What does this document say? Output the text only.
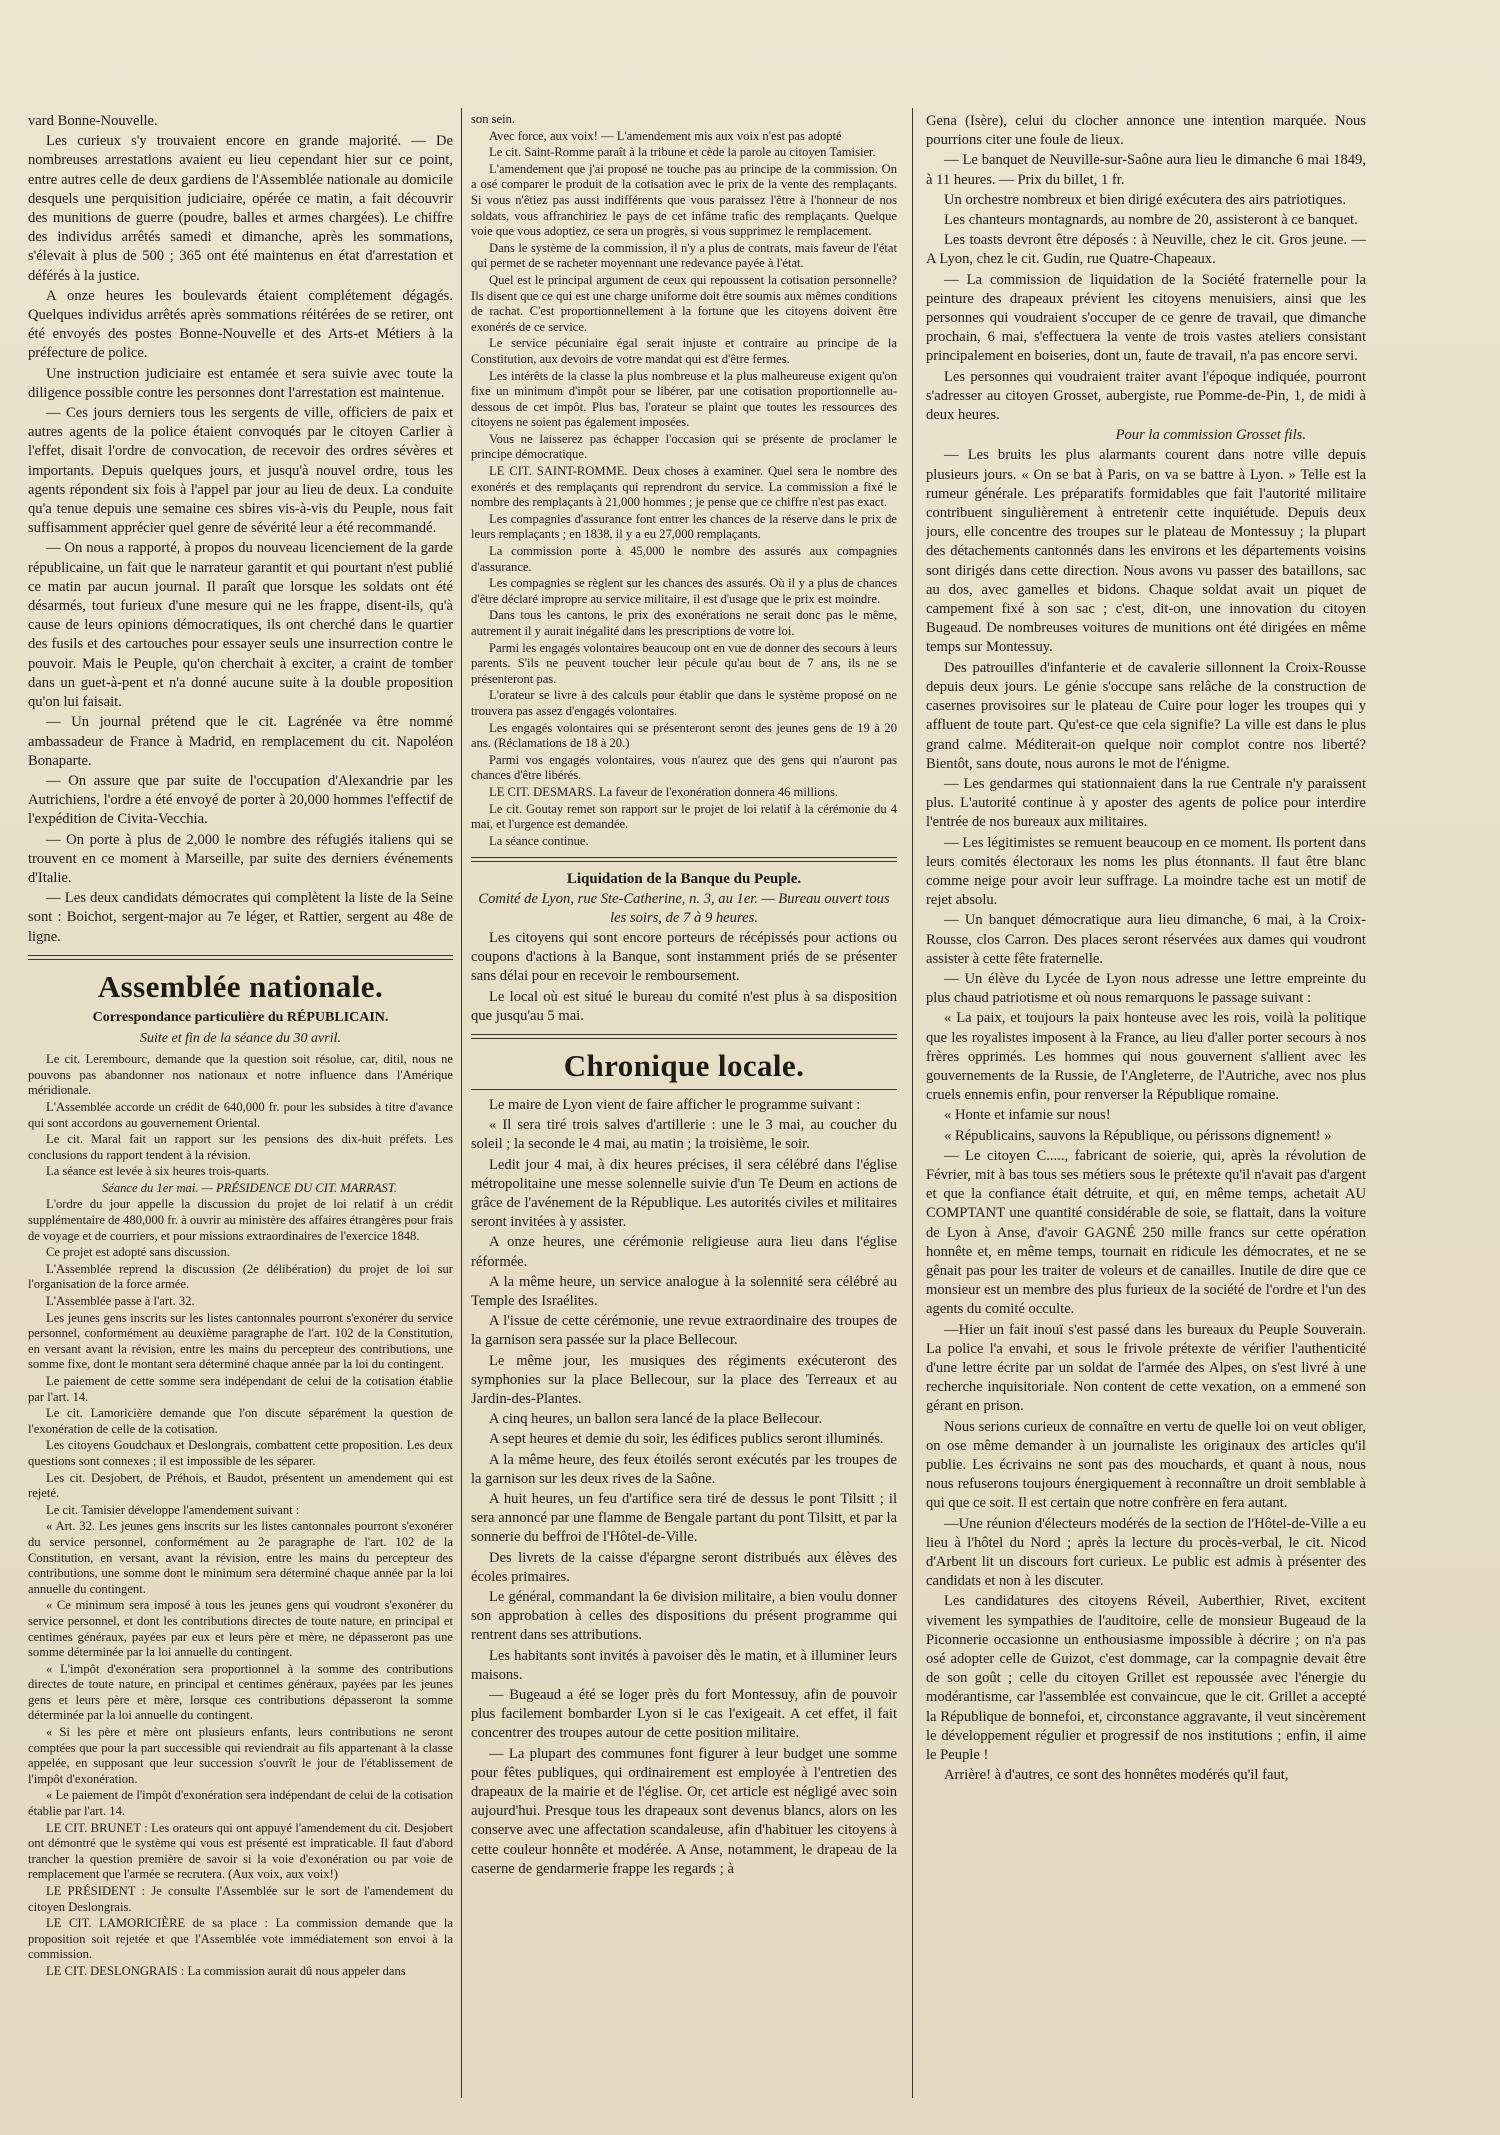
vard Bonne-Nouvelle.

Les curieux s'y trouvaient encore en grande majorité. — De nombreuses arrestations avaient eu lieu cependant hier sur ce point, entre autres celle de deux gardiens de l'Assemblée nationale au domicile desquels une perquisition judiciaire, opérée ce matin, a fait découvrir des munitions de guerre (poudre, balles et armes chargées). Le chiffre des individus arrêtés samedi et dimanche, après les sommations, s'élevait à plus de 500 ; 365 ont été maintenus en état d'arrestation et déférés à la justice.

A onze heures les boulevards étaient complétement dégagés. Quelques individus arrêtés après sommations réitérées de se retirer, ont été envoyés des postes Bonne-Nouvelle et des Arts-et Métiers à la préfecture de police.

Une instruction judiciaire est entamée et sera suivie avec toute la diligence possible contre les personnes dont l'arrestation est maintenue.

— Ces jours derniers tous les sergents de ville, officiers de paix et autres agents de la police étaient convoqués par le citoyen Carlier à l'effet, disait l'ordre de convocation, de recevoir des ordres sévères et importants. Depuis quelques jours, et jusqu'à nouvel ordre, tous les agents répondent six fois à l'appel par jour au lieu de deux. La conduite qu'a tenue depuis une semaine ces sbires vis-à-vis du Peuple, nous fait suffisamment apprécier quel genre de sévérité leur a été recommandé.

— On nous a rapporté, à propos du nouveau licenciement de la garde républicaine, un fait que le narrateur garantit et qui pourtant n'est publié ce matin par aucun journal. Il paraît que lorsque les soldats ont été désarmés, tout furieux d'une mesure qui ne les frappe, disent-ils, qu'à cause de leurs opinions démocratiques, ils ont cherché dans le quartier des fusils et des cartouches pour essayer seuls une insurrection contre le pouvoir. Mais le Peuple, qu'on cherchait à exciter, a craint de tomber dans un guet-à-pent et n'a donné aucune suite à la double proposition qu'on lui faisait.

— Un journal prétend que le cit. Lagrénée va être nommé ambassadeur de France à Madrid, en remplacement du cit. Napoléon Bonaparte.

— On assure que par suite de l'occupation d'Alexandrie par les Autrichiens, l'ordre a été envoyé de porter à 20,000 hommes l'effectif de l'expédition de Civita-Vecchia.

— On porte à plus de 2,000 le nombre des réfugiés italiens qui se trouvent en ce moment à Marseille, par suite des derniers événements d'Italie.

— Les deux candidats démocrates qui complètent la liste de la Seine sont : Boichot, sergent-major au 7e léger, et Rattier, sergent au 48e de ligne.

Assemblée nationale.
Correspondance particulière du RÉPUBLICAIN.
Suite et fin de la séance du 30 avril.

Le cit. Lerembourc, demande que la question soit résolue, car, ditil, nous ne pouvons pas abandonner nos nationaux et notre influence dans l'Amérique méridionale.

L'Assemblée accorde un crédit de 640,000 fr. pour les subsides à titre d'avance qui sont accordons au gouvernement Oriental.

Le cit. Maral fait un rapport sur les pensions des dix-huit préfets. Les conclusions du rapport tendent à la révision.

La séance est levée à six heures trois-quarts.

Séance du 1er mai. — PRÉSIDENCE DU CIT. MARRAST.

L'ordre du jour appelle la discussion du projet de loi relatif à un crédit supplémentaire de 480,000 fr. à ouvrir au ministère des affaires étrangères pour frais de voyage et de courriers, et pour missions extraordinaires de l'exercice 1848.

Ce projet est adopté sans discussion.

L'Assemblée reprend la discussion (2e délibération) du projet de loi sur l'organisation de la force armée.

L'Assemblée passe à l'art. 32.

Les jeunes gens inscrits sur les listes cantonnales pourront s'exonérer du service personnel, conformément au deuxième paragraphe de l'art. 102 de la Constitution, en versant avant la révision, entre les mains du percepteur des contributions, une somme fixe, dont le montant sera déterminé chaque année par la loi du contingent.

Le paiement de cette somme sera indépendant de celui de la cotisation établie par l'art. 14.

Le cit. Lamoricière demande que l'on discute séparément la question de l'exonération de celle de la cotisation.

Les citoyens Goudchaux et Deslongrais, combattent cette proposition. Les deux questions sont connexes ; il est impossible de les séparer.

Les cit. Desjobert, de Préhois, et Baudot, présentent un amendement qui est rejeté.

Le cit. Tamisier développe l'amendement suivant :

« Art. 32. Les jeunes gens inscrits sur les listes cantonnales pourront s'exonérer du service personnel, conformément au 2e paragraphe de l'art. 102 de la Constitution, en versant, avant la révision, entre les mains du percepteur des contributions, une somme dont le minimum sera déterminé chaque année par la loi annuelle du contingent.

« Ce minimum sera imposé à tous les jeunes gens qui voudront s'exonérer du service personnel, et dont les contributions directes de toute nature, en principal et centimes généraux, payées par eux et leurs père et mère, ne dépasseront pas une somme déterminée par la loi annuelle du contingent.

« L'impôt d'exonération sera proportionnel à la somme des contributions directes de toute nature, en principal et centimes généraux, payées par les jeunes gens et leurs père et mère, lorsque ces contributions dépasseront la somme déterminée par la loi annuelle du contingent.

« Si les père et mère ont plusieurs enfants, leurs contributions ne seront comptées que pour la part successible qui reviendrait au fils appartenant à la classe appelée, en supposant que leur succession s'ouvrît le jour de l'établissement de l'impôt d'exonération.

« Le paiement de l'impôt d'exonération sera indépendant de celui de la cotisation établie par l'art. 14.

LE CIT. BRUNET : Les orateurs qui ont appuyé l'amendement du cit. Desjobert ont démontré que le système qui vous est présenté est impraticable. Il faut d'abord trancher la question première de savoir si la voie d'exonération ou par voie de remplacement que l'armée se recrutera. (Aux voix, aux voix!)

LE PRÉSIDENT : Je consulte l'Assemblée sur le sort de l'amendement du citoyen Deslongrais.

LE CIT. LAMORICIÈRE de sa place : La commission demande que la proposition soit rejetée et que l'Assemblée vote immédiatement son envoi à la commission.

LE CIT. DESLONGRAIS : La commission aurait dû nous appeler dans

son sein.

Avec force, aux voix! — L'amendement mis aux voix n'est pas adopté

Le cit. Saint-Romme paraît à la tribune et cède la parole au citoyen Tamisier.

L'amendement que j'ai proposé ne touche pas au principe de la commission. On a osé comparer le produit de la cotisation avec le prix de la vente des remplaçants. Si vous n'êtiez pas aussi indifférents que vous paraissez l'être à l'honneur de nos soldats, vous affranchiriez le pays de cet infâme trafic des remplaçants. Quelque voie que vous adoptiez, ce sera un progrès, si vous supprimez le remplacement.

Dans le système de la commission, il n'y a plus de contrats, mais faveur de l'état qui permet de se racheter moyennant une redevance payée à l'état.

Quel est le principal argument de ceux qui repoussent la cotisation personnelle? Ils disent que ce qui est une charge uniforme doit être soumis aux mêmes conditions de rachat. C'est proportionnellement à la fortune que les citoyens doivent être exonérés de ce service.

Le service pécuniaire égal serait injuste et contraire au principe de la Constitution, aux devoirs de votre mandat qui est d'être fermes.

Les intérêts de la classe la plus nombreuse et la plus malheureuse exigent qu'on fixe un minimum d'impôt pour se libérer, par une cotisation proportionnelle au-dessous de cet impôt. Plus bas, l'orateur se plaint que toutes les ressources des citoyens ne soient pas également imposées.

Vous ne laisserez pas échapper l'occasion qui se présente de proclamer le principe démocratique.

LE CIT. SAINT-ROMME. Deux choses à examiner. Quel sera le nombre des exonérés et des remplaçants qui reprendront du service. La commission a fixé le nombre des remplaçants à 21,000 hommes ; je pense que ce chiffre n'est pas exact.

Les compagnies d'assurance font entrer les chances de la réserve dans le prix de leurs remplaçants ; en 1838, il y a eu 27,000 remplaçants.

La commission porte à 45,000 le nombre des assurés aux compagnies d'assurance.

Les compagnies se règlent sur les chances des assurés. Où il y a plus de chances d'être déclaré impropre au service militaire, il est d'usage que le prix est moindre.

Dans tous les cantons, le prix des exonérations ne serait donc pas le même, autrement il y aurait inégalité dans les prescriptions de votre loi.

Parmi les engagés volontaires beaucoup ont en vue de donner des secours à leurs parents. S'ils ne peuvent toucher leur pécule qu'au bout de 7 ans, ils ne se présenteront pas.

L'orateur se livre à des calculs pour établir que dans le système proposé on ne trouvera pas assez d'engagés volontaires.

Les engagés volontaires qui se présenteront seront des jeunes gens de 19 à 20 ans. (Réclamations de 18 à 20.)

Parmi vos engagés volontaires, vous n'aurez que des gens qui n'auront pas chances d'être libérés.

LE CIT. DESMARS. La faveur de l'exonération donnera 46 millions.

Le cit. Goutay remet son rapport sur le projet de loi relatif à la cérémonie du 4 mai, et l'urgence est demandée.

La séance continue.

Liquidation de la Banque du Peuple.

Comité de Lyon, rue Ste-Catherine, n. 3, au 1er. — Bureau ouvert tous les soirs, de 7 à 9 heures.

Les citoyens qui sont encore porteurs de récépissés pour actions ou coupons d'actions à la Banque, sont instamment priés de se présenter sans délai pour en recevoir le remboursement.

Le local où est situé le bureau du comité n'est plus à sa disposition que jusqu'au 5 mai.

Chronique locale.

Le maire de Lyon vient de faire afficher le programme suivant :

« Il sera tiré trois salves d'artillerie : une le 3 mai, au coucher du soleil ; la seconde le 4 mai, au matin ; la troisième, le soir.

Ledit jour 4 mai, à dix heures précises, il sera célébré dans l'église métropolitaine une messe solennelle suivie d'un Te Deum en actions de grâce de l'avénement de la République. Les autorités civiles et militaires seront invitées à y assister.

A onze heures, une cérémonie religieuse aura lieu dans l'église réformée.

A la même heure, un service analogue à la solennité sera célébré au Temple des Israélites.

A l'issue de cette cérémonie, une revue extraordinaire des troupes de la garnison sera passée sur la place Bellecour.

Le même jour, les musiques des régiments exécuteront des symphonies sur la place Bellecour, sur la place des Terreaux et au Jardin-des-Plantes.

A cinq heures, un ballon sera lancé de la place Bellecour.

A sept heures et demie du soir, les édifices publics seront illuminés.

A la même heure, des feux étoilés seront exécutés par les troupes de la garnison sur les deux rives de la Saône.

A huit heures, un feu d'artifice sera tiré de dessus le pont Tilsitt ; il sera annoncé par une flamme de Bengale partant du pont Tilsitt, et par la sonnerie du beffroi de l'Hôtel-de-Ville.

Des livrets de la caisse d'épargne seront distribués aux élèves des écoles primaires.

Le général, commandant la 6e division militaire, a bien voulu donner son approbation à celles des dispositions du présent programme qui rentrent dans ses attributions.

Les habitants sont invités à pavoiser dès le matin, et à illuminer leurs maisons.

— Bugeaud a été se loger près du fort Montessuy, afin de pouvoir plus facilement bombarder Lyon si le cas l'exigeait. A cet effet, il fait concentrer des troupes autour de cette position militaire.

— La plupart des communes font figurer à leur budget une somme pour fêtes publiques, qui ordinairement est employée à l'entretien des drapeaux de la mairie et de l'église. Or, cet article est négligé avec soin aujourd'hui. Presque tous les drapeaux sont devenus blancs, alors on les conserve avec une affectation scandaleuse, afin d'habituer les citoyens à cette couleur honnête et modérée. A Anse, notamment, le drapeau de la caserne de gendarmerie frappe les regards ; à

Gena (Isère), celui du clocher annonce une intention marquée. Nous pourrions citer une foule de lieux.

— Le banquet de Neuville-sur-Saône aura lieu le dimanche 6 mai 1849, à 11 heures. — Prix du billet, 1 fr.

Un orchestre nombreux et bien dirigé exécutera des airs patriotiques.

Les chanteurs montagnards, au nombre de 20, assisteront à ce banquet.

Les toasts devront être déposés : à Neuville, chez le cit. Gros jeune. — A Lyon, chez le cit. Gudin, rue Quatre-Chapeaux.

— La commission de liquidation de la Société fraternelle pour la peinture des drapeaux prévient les citoyens menuisiers, ainsi que les personnes qui voudraient s'occuper de ce genre de travail, que dimanche prochain, 6 mai, s'effectuera la vente de trois vastes ateliers consistant principalement en boiseries, dont un, faute de travail, n'a pas encore servi.

Les personnes qui voudraient traiter avant l'époque indiquée, pourront s'adresser au citoyen Grosset, aubergiste, rue Pomme-de-Pin, 1, de midi à deux heures.

Pour la commission Grosset fils.

— Les bruits les plus alarmants courent dans notre ville depuis plusieurs jours. « On se bat à Paris, on va se battre à Lyon. » Telle est la rumeur générale. Les préparatifs formidables que fait l'autorité militaire contribuent singulièrement à entretenir cette inquiétude. Depuis deux jours, elle concentre des troupes sur le plateau de Montessuy ; la plupart des détachements cantonnés dans les environs et les départements voisins sont dirigés dans cette direction. Nous avons vu passer des bataillons, sac au dos, avec gamelles et bidons. Chaque soldat avait un piquet de campement fixé à son sac ; c'est, dit-on, une innovation du citoyen Bugeaud. De nombreuses voitures de munitions ont été dirigées en même temps sur Montessuy.

Des patrouilles d'infanterie et de cavalerie sillonnent la Croix-Rousse depuis deux jours. Le génie s'occupe sans relâche de la construction de casernes provisoires sur le plateau de Cuire pour loger les troupes qui y affluent de toute part. Qu'est-ce que cela signifie? La ville est dans le plus grand calme. Méditerait-on quelque noir complot contre nos liberté? Bientôt, sans doute, nous aurons le mot de l'énigme.

— Les gendarmes qui stationnaient dans la rue Centrale n'y paraissent plus. L'autorité continue à y aposter des agents de police pour interdire l'entrée de nos bureaux aux militaires.

— Les légitimistes se remuent beaucoup en ce moment. Ils portent dans leurs comités électoraux les noms les plus étonnants. Il faut être blanc comme neige pour avoir leur suffrage. La moindre tache est un motif de rejet absolu.

— Un banquet démocratique aura lieu dimanche, 6 mai, à la Croix-Rousse, clos Carron. Des places seront réservées aux dames qui voudront assister à cette fête fraternelle.

— Un élève du Lycée de Lyon nous adresse une lettre empreinte du plus chaud patriotisme et où nous remarquons le passage suivant :

« La paix, et toujours la paix honteuse avec les rois, voilà la politique que les royalistes imposent à la France, au lieu d'aller porter secours à nos frères opprimés. Les hommes qui nous gouvernent s'allient avec les gouvernements de la Russie, de l'Angleterre, de l'Autriche, avec nos plus cruels ennemis enfin, pour renverser la République romaine.

« Honte et infamie sur nous!

« Républicains, sauvons la République, ou périssons dignement! »

— Le citoyen C....., fabricant de soierie, qui, après la révolution de Février, mit à bas tous ses métiers sous le prétexte qu'il n'avait pas d'argent et que la confiance était détruite, et qui, en même temps, achetait AU COMPTANT une quantité considérable de soie, se flattait, dans la voiture de Lyon à Anse, d'avoir GAGNÉ 250 mille francs sur cette opération honnête et, en même temps, tournait en ridicule les démocrates, et ne se gênait pas pour les traiter de voleurs et de canailles. Inutile de dire que ce monsieur est un membre des plus furieux de la société de l'ordre et l'un des agents du comité occulte.

—Hier un fait inouï s'est passé dans les bureaux du Peuple Souverain. La police l'a envahi, et sous le frivole prétexte de vérifier l'authenticité d'une lettre écrite par un soldat de l'armée des Alpes, on s'est livré à une recherche inquisitoriale. Non content de cette vexation, on a emmené son gérant en prison.

Nous serions curieux de connaître en vertu de quelle loi on veut obliger, on ose même demander à un journaliste les originaux des articles qu'il publie. Les écrivains ne sont pas des mouchards, et quant à nous, nous nous refuserons toujours énergiquement à reconnaître un droit semblable à qui que ce soit. Il est certain que notre confrère en fera autant.

—Une réunion d'électeurs modérés de la section de l'Hôtel-de-Ville a eu lieu à l'hôtel du Nord ; après la lecture du procès-verbal, le cit. Nicod d'Arbent lit un discours fort curieux. Le public est admis à présenter des candidats et non à les discuter.

Les candidatures des citoyens Réveil, Auberthier, Rivet, excitent vivement les sympathies de l'auditoire, celle de monsieur Bugeaud de la Piconnerie occasionne un enthousiasme impossible à décrire ; on n'a pas osé adopter celle de Guizot, c'est dommage, car la compagnie devait être de son goût ; celle du citoyen Grillet est repoussée avec l'énergie du modérantisme, car l'assemblée est convaincue, que le cit. Grillet a accepté la République de bonnefoi, et, circonstance aggravante, il veut sincèrement le développement régulier et progressif de nos institutions ; enfin, il aime le Peuple !

Arrière! à d'autres, ce sont des honnêtes modérés qu'il faut,
